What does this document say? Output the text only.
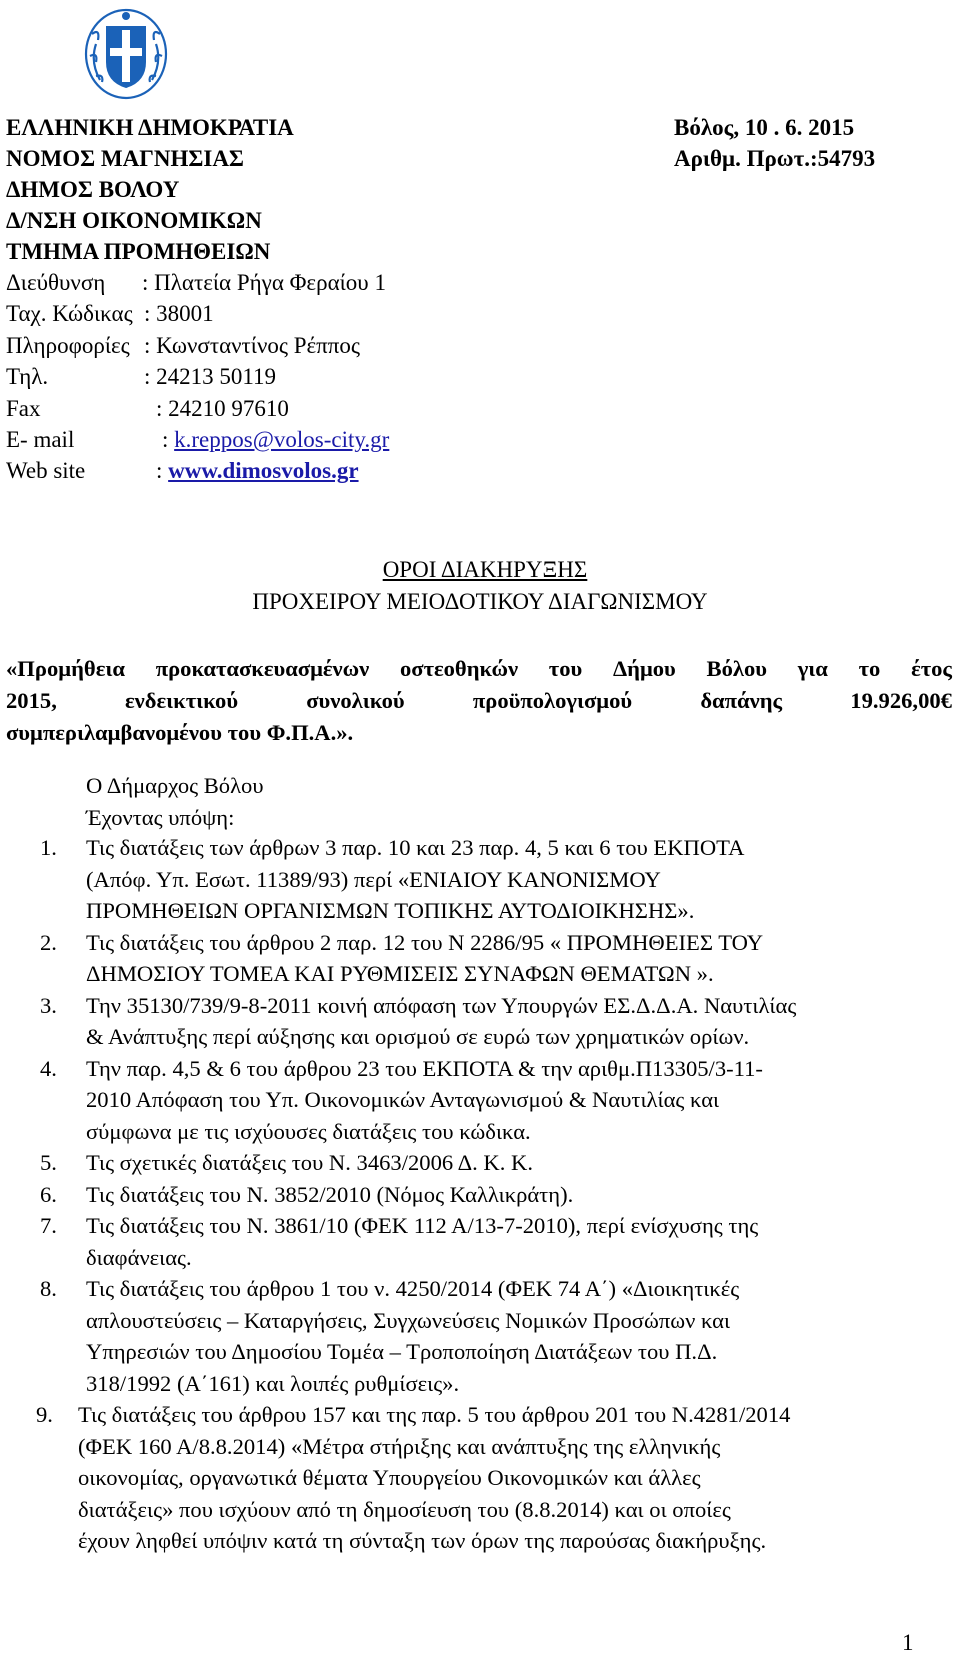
ΕΛΛΗΝΙΚΗ ΔΗΜΟΚΡΑΤΙΑ
ΝΟΜΟΣ ΜΑΓΝΗΣΙΑΣ
ΔΗΜΟΣ ΒΟΛΟΥ
Δ/ΝΣΗ ΟΙΚΟΝΟΜΙΚΩΝ
ΤΜΗΜΑ ΠΡΟΜΗΘΕΙΩΝ
Διεύθυνση : Πλατεία Ρήγα Φεραίου 1
Ταχ. Κώδικας : 38001
Πληροφορίες : Κωνσταντίνος Ρέππος
Τηλ.	: 24213 50119
Fax	: 24210 97610
E- mail	: k.reppos@volos-city.gr
Web site	: www.dimosvolos.gr
Βόλος, 10 . 6. 2015
Αριθμ. Πρωτ.:54793
ΟΡΟΙ ΔΙΑΚΗΡΥΞΗΣ
ΠΡΟΧΕΙΡΟΥ ΜΕΙΟΔΟΤΙΚΟΥ ΔΙΑΓΩΝΙΣΜΟΥ
«Προμήθεια προκατασκευασμένων οστεοθηκών του Δήμου Βόλου για το έτος
2015,	ενδεικτικού	συνολικού	προϋπολογισμού	δαπάνης	19.926,00€
συμπεριλαμβανομένου του Φ.Π.Α.».
Ο Δήμαρχος Βόλου
Έχοντας υπόψη:
1. Τις διατάξεις των άρθρων 3 παρ. 10 και 23 παρ. 4, 5 και 6 του ΕΚΠΟΤΑ
(Απόφ. Υπ. Εσωτ. 11389/93) περί «ΕΝΙΑΙΟΥ ΚΑΝΟΝΙΣΜΟΥ
ΠΡΟΜΗΘΕΙΩΝ ΟΡΓΑΝΙΣΜΩΝ ΤΟΠΙΚΗΣ ΑΥΤΟΔΙΟΙΚΗΣΗΣ».
2. Τις διατάξεις του άρθρου 2 παρ. 12 του Ν 2286/95 « ΠΡΟΜΗΘΕΙΕΣ ΤΟΥ
ΔΗΜΟΣΙΟΥ ΤΟΜΕΑ ΚΑΙ ΡΥΘΜΙΣΕΙΣ ΣΥΝΑΦΩΝ ΘΕΜΑΤΩΝ ».
3. Την 35130/739/9-8-2011 κοινή απόφαση των Υπουργών ΕΣ.Δ.Δ.Α. Ναυτιλίας
& Ανάπτυξης περί αύξησης και ορισμού σε ευρώ των χρηματικών ορίων.
4. Την παρ. 4,5 & 6 του άρθρου 23 του ΕΚΠΟΤΑ & την αριθμ.Π13305/3-11-
2010 Απόφαση του Υπ. Οικονομικών Ανταγωνισμού & Ναυτιλίας και
σύμφωνα με τις ισχύουσες διατάξεις του κώδικα.
5. Τις σχετικές διατάξεις του Ν. 3463/2006 Δ. Κ. Κ.
6. Τις διατάξεις του Ν. 3852/2010 (Νόμος Καλλικράτη).
7. Τις διατάξεις του Ν. 3861/10 (ΦΕΚ 112 Α/13-7-2010), περί ενίσχυσης της
διαφάνειας.
8. Τις διατάξεις του άρθρου 1 του ν. 4250/2014 (ΦΕΚ 74 Α΄) «Διοικητικές
απλουστεύσεις – Καταργήσεις, Συγχωνεύσεις Νομικών Προσώπων και
Υπηρεσιών του Δημοσίου Τομέα – Τροποποίηση Διατάξεων του Π.Δ.
318/1992 (Α΄161) και λοιπές ρυθμίσεις».
9. Τις διατάξεις του άρθρου 157 και της παρ. 5 του άρθρου 201 του Ν.4281/2014
(ΦΕΚ 160 Α/8.8.2014) «Μέτρα στήριξης και ανάπτυξης της ελληνικής
οικονομίας, οργανωτικά θέματα Υπουργείου Οικονομικών και άλλες
διατάξεις» που ισχύουν από τη δημοσίευση του (8.8.2014) και οι οποίες
έχουν ληφθεί υπόψιν κατά τη σύνταξη των όρων της παρούσας διακήρυξης.
1
